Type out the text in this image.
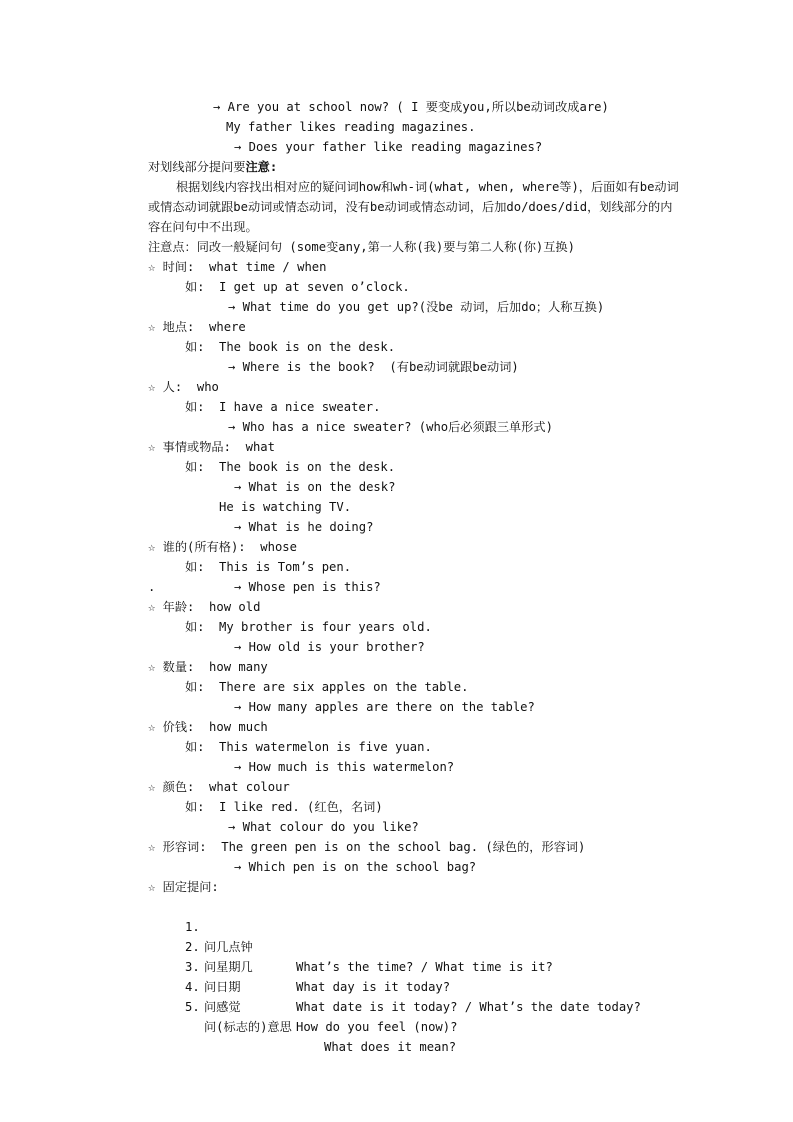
→ Are you at school now? ( I 要变成you,所以be动词改成are)
My father likes reading magazines.
→ Does your father like reading magazines?
对划线部分提问要注意:
根据划线内容找出相对应的疑问词how和wh-词(what, when, where等)，后面如有be动词或情态动词就跟be动词或情态动词，没有be动词或情态动词，后加do/does/did，划线部分的内容在问句中不出现。
注意点：同改一般疑问句 (some变any,第一人称(我)要与第二人称(你)互换)
☆ 时间:  what time / when
如: I get up at seven o’clock.
→ What time do you get up?(没be 动词，后加do；人称互换)
☆ 地点:  where
如: The book is on the desk.
→ Where is the book?  (有be动词就跟be动词)
☆ 人:  who
如: I have a nice sweater.
→ Who has a nice sweater? (who后必须跟三单形式)
☆ 事情或物品:  what
如: The book is on the desk.
→ What is on the desk?
He is watching TV.
→ What is he doing?
☆ 谁的(所有格):  whose
如: This is Tom’s pen.
.	→ Whose pen is this?
☆ 年龄:  how old
如: My brother is four years old.
→ How old is your brother?
☆ 数量:  how many
如: There are six apples on the table.
→ How many apples are there on the table?
☆ 价钱:  how much
如: This watermelon is five yuan.
→ How much is this watermelon?
☆ 颜色:  what colour
如: I like red. (红色，名词)
→ What colour do you like?
☆ 形容词:  The green pen is on the school bag. (绿色的，形容词)
→ Which pen is on the school bag?
☆ 固定提问:

1.

问几点钟

What’s the time? / What time is it?

2.

问星期几

What day is it today?

3.

问日期

What date is it today? / What’s the date today?

4.

问感觉

How do you feel (now)?

5.

问(标志的)意思

What does it mean?
